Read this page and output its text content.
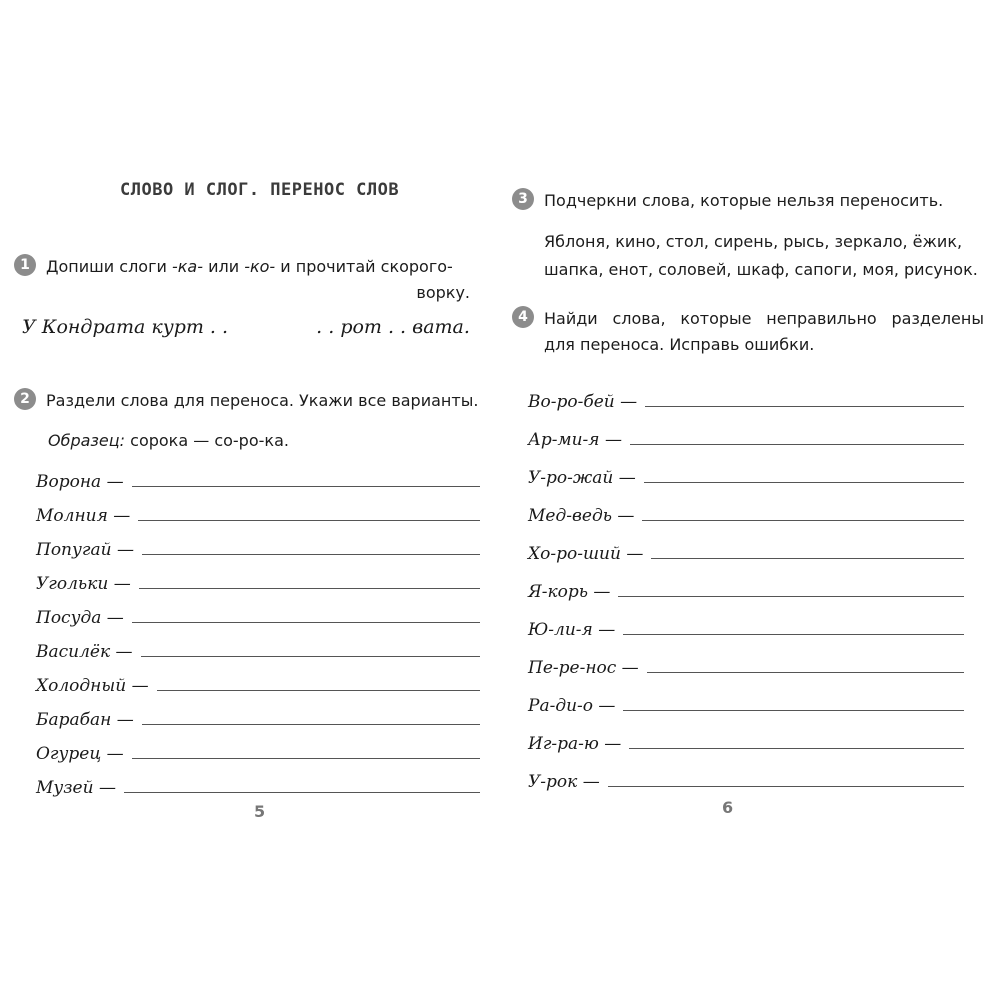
СЛОВО И СЛОГ. ПЕРЕНОС СЛОВ
1	Допиши слоги -ка- или -ко- и прочитай скорого-
ворку.
У Кондрата курт . .	. . рот . . вата.
2	Раздели слова для переноса. Укажи все варианты.
Образец: сорока — со-ро-ка.
Ворона —
Молния —
Попугай —
Угольки —
Посуда —
Василёк —
Холодный —
Барабан —
Огурец —
Музей —
5
3	Подчеркни слова, которые нельзя переносить.
Яблоня, кино, стол, сирень, рысь, зеркало, ёжик,
шапка, енот, соловей, шкаф, сапоги, моя, рисунок.
4	Найди слова, которые неправильно разделены
для переноса. Исправь ошибки.
Во-ро-бей —
Ар-ми-я —
У-ро-жай —
Мед-ведь —
Хо-ро-ший —
Я-корь —
Ю-ли-я —
Пе-ре-нос —
Ра-ди-о —
Иг-ра-ю —
У-рок —
6
